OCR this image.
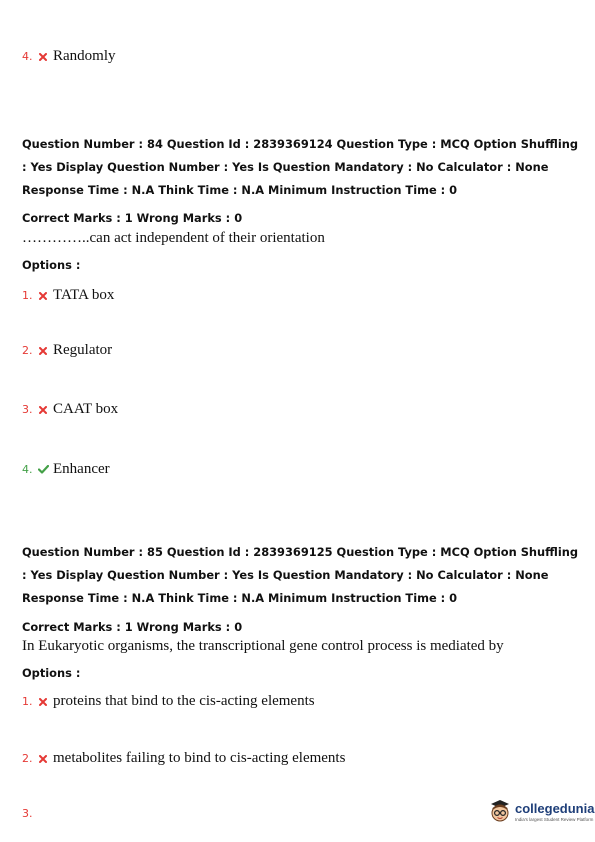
4.	Randomly
Question Number : 84 Question Id : 2839369124 Question Type : MCQ Option Shuffling : Yes Display Question Number : Yes Is Question Mandatory : No Calculator : None Response Time : N.A Think Time : N.A Minimum Instruction Time : 0
Correct Marks : 1 Wrong Marks : 0
…………..can act independent of their orientation
Options :
1.	TATA box
2.	Regulator
3.	CAAT box
4.	Enhancer
Question Number : 85 Question Id : 2839369125 Question Type : MCQ Option Shuffling : Yes Display Question Number : Yes Is Question Mandatory : No Calculator : None Response Time : N.A Think Time : N.A Minimum Instruction Time : 0
Correct Marks : 1 Wrong Marks : 0
In Eukaryotic organisms, the transcriptional gene control process is mediated by
Options :
1.	proteins that bind to the cis-acting elements
2.	metabolites failing to bind to cis-acting elements
3.	collegedunia
India's largest Student Review Platform
